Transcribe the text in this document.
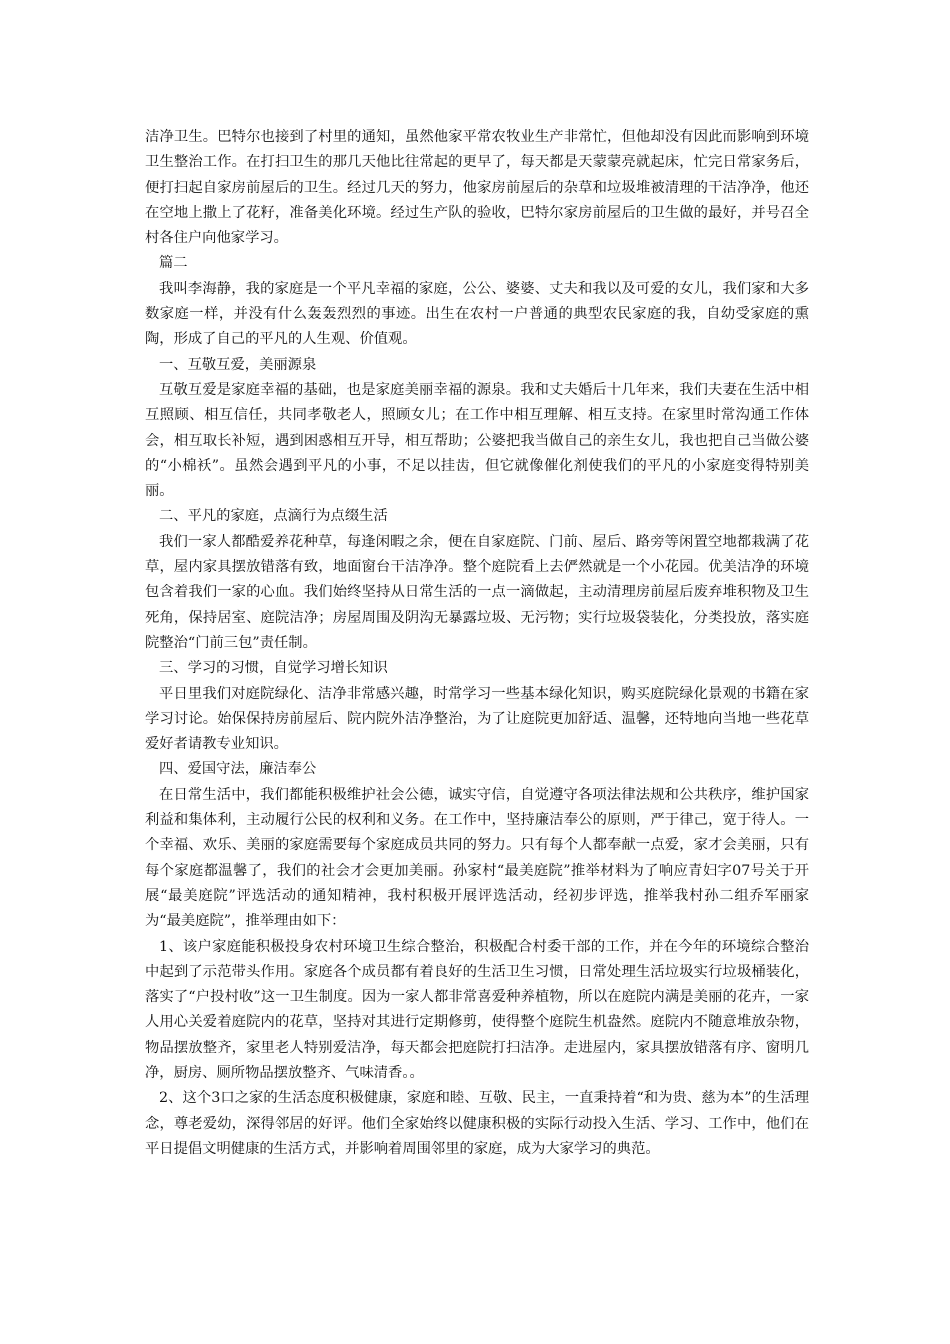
洁净卫生。巴特尔也接到了村里的通知，虽然他家平常农牧业生产非常忙，但他却没有因此而影响到环境卫生整治工作。在打扫卫生的那几天他比往常起的更早了，每天都是天蒙蒙亮就起床，忙完日常家务后，便打扫起自家房前屋后的卫生。经过几天的努力，他家房前屋后的杂草和垃圾堆被清理的干洁净净，他还在空地上撒上了花籽，准备美化环境。经过生产队的验收，巴特尔家房前屋后的卫生做的最好，并号召全村各住户向他家学习。

篇二

我叫李海静，我的家庭是一个平凡幸福的家庭，公公、婆婆、丈夫和我以及可爱的女儿，我们家和大多数家庭一样，并没有什么轰轰烈烈的事迹。出生在农村一户普通的典型农民家庭的我，自幼受家庭的熏陶，形成了自己的平凡的人生观、价值观。

一、互敬互爱，美丽源泉

互敬互爱是家庭幸福的基础，也是家庭美丽幸福的源泉。我和丈夫婚后十几年来，我们夫妻在生活中相互照顾、相互信任，共同孝敬老人，照顾女儿；在工作中相互理解、相互支持。在家里时常沟通工作体会，相互取长补短，遇到困惑相互开导，相互帮助；公婆把我当做自己的亲生女儿，我也把自己当做公婆的“小棉袄”。虽然会遇到平凡的小事，不足以挂齿，但它就像催化剂使我们的平凡的小家庭变得特别美丽。

二、平凡的家庭，点滴行为点缀生活

我们一家人都酷爱养花种草，每逢闲暇之余，便在自家庭院、门前、屋后、路旁等闲置空地都栽满了花草，屋内家具摆放错落有致，地面窗台干洁净净。整个庭院看上去俨然就是一个小花园。优美洁净的环境包含着我们一家的心血。我们始终坚持从日常生活的一点一滴做起，主动清理房前屋后废弃堆积物及卫生死角，保持居室、庭院洁净；房屋周围及阴沟无暴露垃圾、无污物；实行垃圾袋装化，分类投放，落实庭院整治“门前三包”责任制。

三、学习的习惯，自觉学习增长知识

平日里我们对庭院绿化、洁净非常感兴趣，时常学习一些基本绿化知识，购买庭院绿化景观的书籍在家学习讨论。始保保持房前屋后、院内院外洁净整治，为了让庭院更加舒适、温馨，还特地向当地一些花草爱好者请教专业知识。

四、爱国守法，廉洁奉公

在日常生活中，我们都能积极维护社会公德，诚实守信，自觉遵守各项法律法规和公共秩序，维护国家利益和集体利，主动履行公民的权利和义务。在工作中，坚持廉洁奉公的原则，严于律己，宽于待人。一个幸福、欢乐、美丽的家庭需要每个家庭成员共同的努力。只有每个人都奉献一点爱，家才会美丽，只有每个家庭都温馨了，我们的社会才会更加美丽。孙家村“最美庭院”推举材料为了响应青妇字07号关于开展“最美庭院”评选活动的通知精神，我村积极开展评选活动，经初步评选，推举我村孙二组乔军丽家为“最美庭院”，推举理由如下：

1、该户家庭能积极投身农村环境卫生综合整治，积极配合村委干部的工作，并在今年的环境综合整治中起到了示范带头作用。家庭各个成员都有着良好的生活卫生习惯，日常处理生活垃圾实行垃圾桶装化，落实了“户投村收”这一卫生制度。因为一家人都非常喜爱种养植物，所以在庭院内满是美丽的花卉，一家人用心关爱着庭院内的花草，坚持对其进行定期修剪，使得整个庭院生机盎然。庭院内不随意堆放杂物，物品摆放整齐，家里老人特别爱洁净，每天都会把庭院打扫洁净。走进屋内，家具摆放错落有序、窗明几净，厨房、厕所物品摆放整齐、气味清香。。

2、这个3口之家的生活态度积极健康，家庭和睦、互敬、民主，一直秉持着“和为贵、慈为本”的生活理念，尊老爱幼，深得邻居的好评。他们全家始终以健康积极的实际行动投入生活、学习、工作中，他们在平日提倡文明健康的生活方式，并影响着周围邻里的家庭，成为大家学习的典范。
